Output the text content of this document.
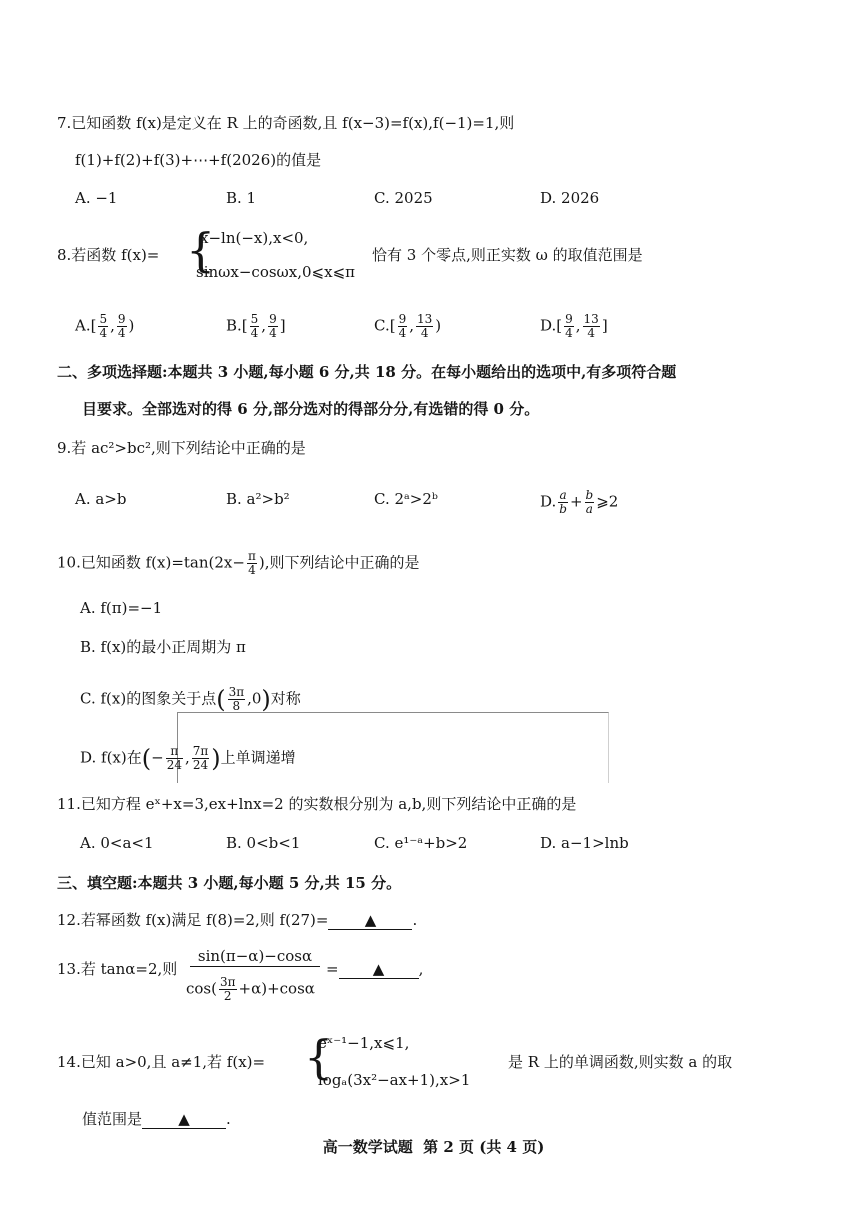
7.已知函数 f(x)是定义在 R 上的奇函数,且 f(x−3)=f(x),f(−1)=1,则
f(1)+f(2)+f(3)+⋯+f(2026)的值是
A. −1	B. 1	C. 2025	D. 2026
8.若函数 f(x)= {
x−ln(−x),x<0,
sinωx−cosωx,0⩽x⩽π
恰有 3 个零点,则正实数 ω 的取值范围是
$A.[ \frac{5}{4}$ , $\frac{9}{4}$ )	$B.[ \frac{5}{4}$ , $\frac{9}{4}$ ]	$C.[ \frac{9}{4}$ , $\frac{13}{4}$ )	$D.[ \frac{9}{4}$ , $\frac{13}{4}$ ]
二、多项选择题:本题共 3 小题,每小题 6 分,共 18 分。在每小题给出的选项中,有多项符合题
目要求。全部选对的得 6 分,部分选对的得部分分,有选错的得 0 分。
9.若 ac²>bc²,则下列结论中正确的是
A. a>b	B. a²>b²	C. 2ᵃ>2ᵇ	D. $\frac{a}{b} + \frac{b}{a}$ ⩾2
10.已知函数 $f(x)=\tan(2x- \frac{\pi}{4}$ ),则下列结论中正确的是
A. f(π)=−1
B. f(x)的最小正周期为 π
C. f(x)的图象关于点( $\frac{3\pi}{8} ,0$)对称
D. f(x)在(− $\frac{\pi}{24}$ , $\frac{7\pi}{24}$ )上单调递增
11.已知方程 eˣ+x=3,ex+lnx=2 的实数根分别为 a,b,则下列结论中正确的是
A. 0<a<1	B. 0<b<1	C. e¹⁻ᵃ+b>2	D. a−1>lnb
三、填空题:本题共 3 小题,每小题 5 分,共 15 分。
12.若幂函数 f(x)满足 f(8)=2,则 f(27)= ▲ .
13.若 tanα=2,则
sin(π−α)−cosα
$\cos( \frac{3\pi}{2} +\alpha)+\cos\alpha$
= ▲ ,
14.已知 a>0,且 a≠1,若 f(x)= {
eˣ⁻¹−1,x⩽1,
logₐ(3x²−ax+1),x>1
是 R 上的单调函数,则实数 a 的取
值范围是 ▲ .
高一数学试题  第 2 页 (共 4 页)
